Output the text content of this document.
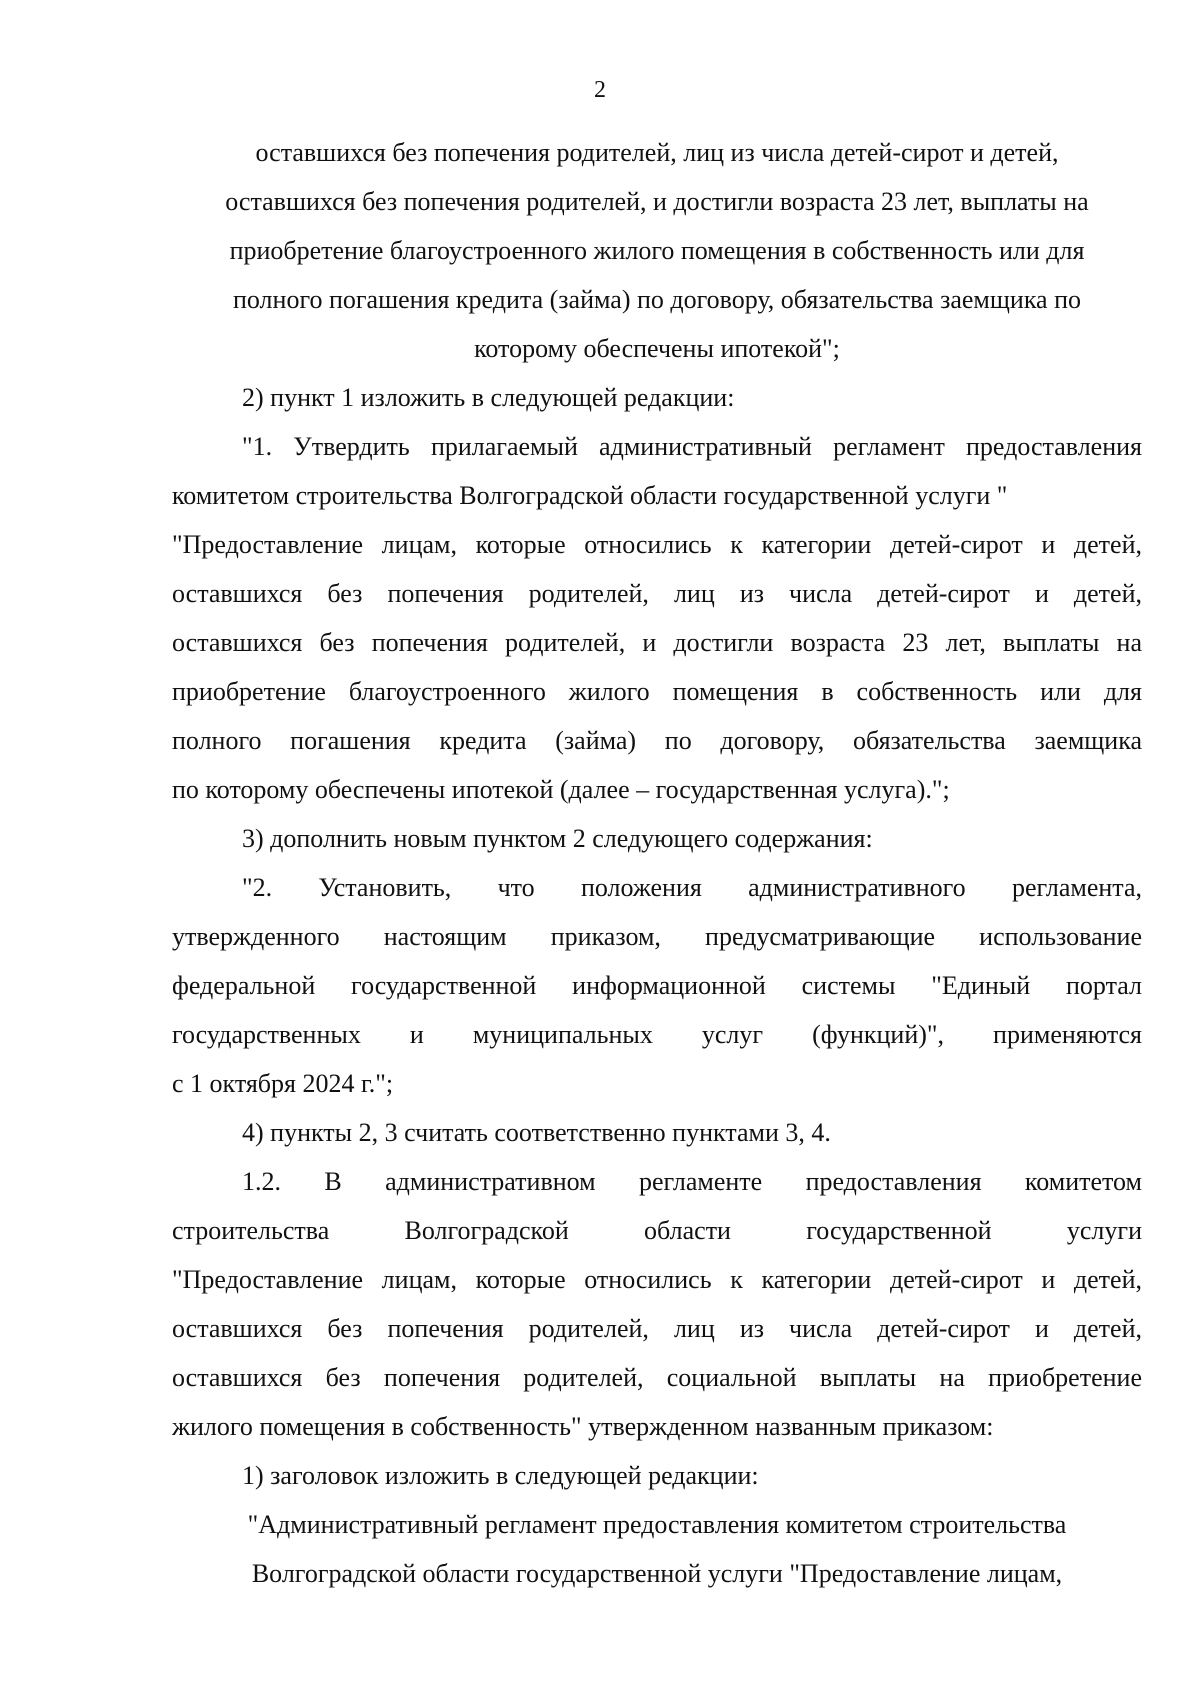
2
оставшихся без попечения родителей, лиц из числа детей-сирот и детей,
оставшихся без попечения родителей, и достигли возраста 23 лет, выплаты на
приобретение благоустроенного жилого помещения в собственность или для
полного погашения кредита (займа) по договору, обязательства заемщика по
которому обеспечены ипотекой";
2) пункт 1 изложить в следующей редакции:
"1. Утвердить прилагаемый административный регламент предоставления
комитетом строительства Волгоградской области государственной услуги "
"Предоставление лицам, которые относились к категории детей-сирот и детей,
оставшихся без попечения родителей, лиц из числа детей-сирот и детей,
оставшихся без попечения родителей, и достигли возраста 23 лет, выплаты на
приобретение благоустроенного жилого помещения в собственность или для
полного погашения кредита (займа) по договору, обязательства заемщика
по которому обеспечены ипотекой (далее – государственная услуга).";
3) дополнить новым пунктом 2 следующего содержания:
"2. Установить, что положения административного регламента,
утвержденного настоящим приказом, предусматривающие использование
федеральной государственной информационной системы "Единый портал
государственных и муниципальных услуг (функций)", применяются
с 1 октября 2024 г.";
4) пункты 2, 3 считать соответственно пунктами 3, 4.
1.2. В административном регламенте предоставления комитетом
строительства Волгоградской области государственной услуги
"Предоставление лицам, которые относились к категории детей-сирот и детей,
оставшихся без попечения родителей, лиц из числа детей-сирот и детей,
оставшихся без попечения родителей, социальной выплаты на приобретение
жилого помещения в собственность" утвержденном названным приказом:
1) заголовок изложить в следующей редакции:
"Административный регламент предоставления комитетом строительства
Волгоградской области государственной услуги "Предоставление лицам,
